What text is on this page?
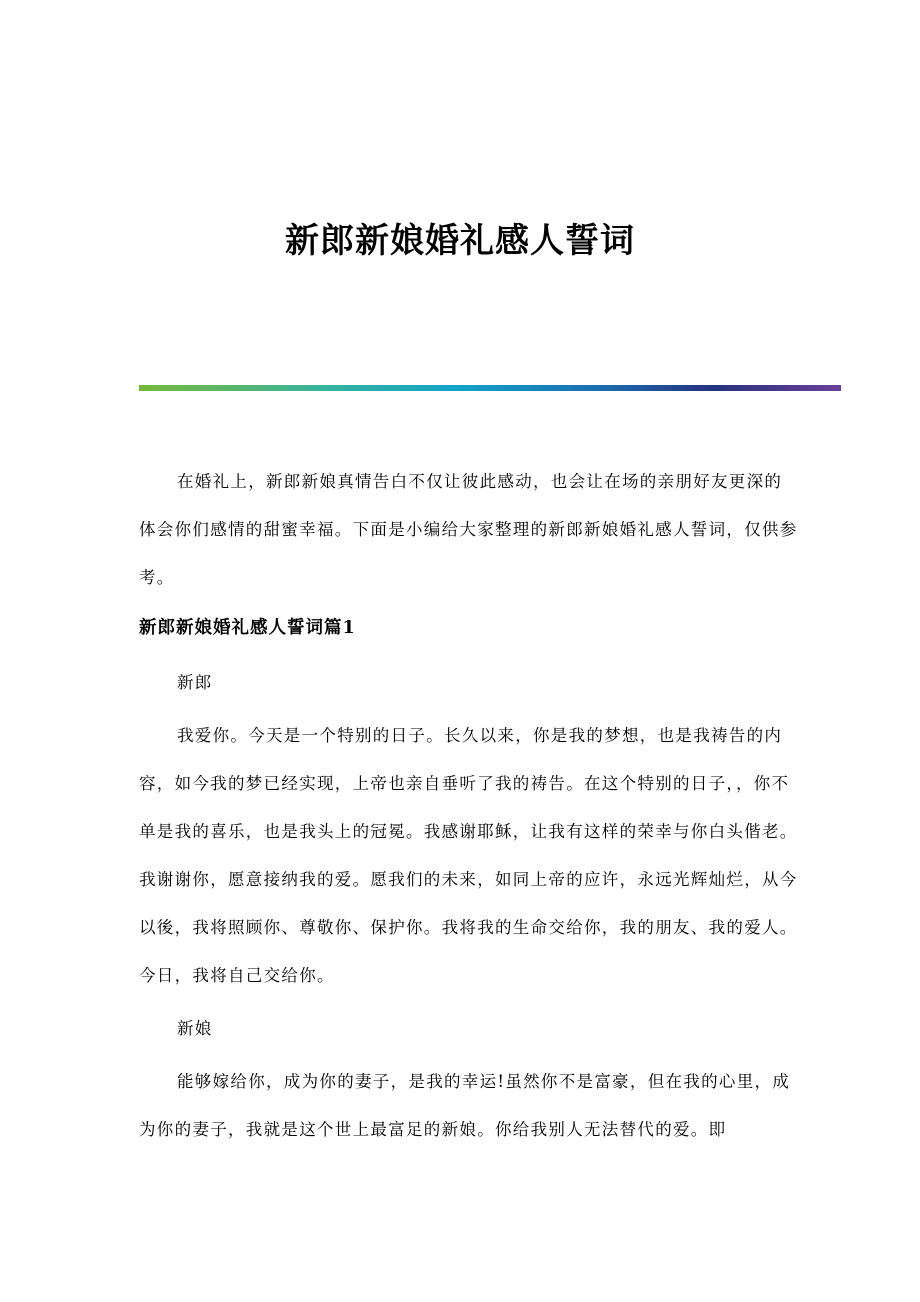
新郎新娘婚礼感人誓词

在婚礼上，新郎新娘真情告白不仅让彼此感动，也会让在场的亲朋好友更深的体会你们感情的甜蜜幸福。下面是小编给大家整理的新郎新娘婚礼感人誓词，仅供参考。

新郎新娘婚礼感人誓词篇1

新郎

我爱你。今天是一个特别的日子。长久以来，你是我的梦想，也是我祷告的内容，如今我的梦已经实现，上帝也亲自垂听了我的祷告。在这个特别的日子，，你不单是我的喜乐，也是我头上的冠冕。我感谢耶稣，让我有这样的荣幸与你白头偕老。我谢谢你，愿意接纳我的爱。愿我们的未来，如同上帝的应许，永远光辉灿烂，从今以後，我将照顾你、尊敬你、保护你。我将我的生命交给你，我的朋友、我的爱人。今日，我将自己交给你。

新娘

能够嫁给你，成为你的妻子，是我的幸运!虽然你不是富豪，但在我的心里，成为你的妻子，我就是这个世上最富足的新娘。你给我别人无法替代的爱。即
